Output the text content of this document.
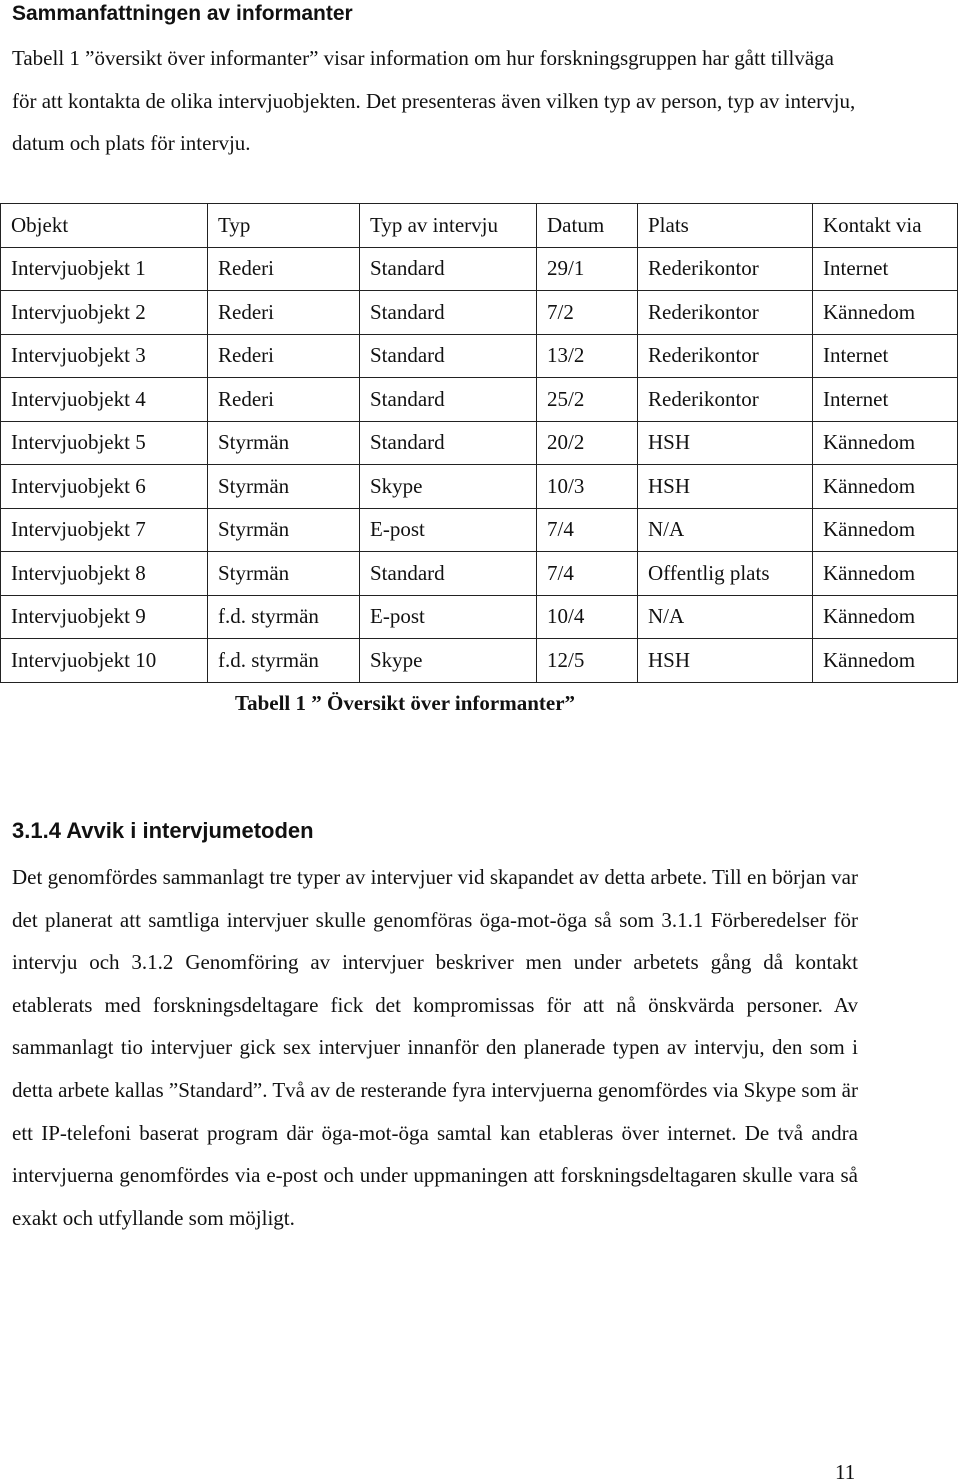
Sammanfattningen av informanter

Tabell 1 ”översikt över informanter” visar information om hur forskningsgruppen har gått tillväga för att kontakta de olika intervjuobjekten. Det presenteras även vilken typ av person, typ av intervju, datum och plats för intervju.

Objekt	Typ	Typ av intervju	Datum	Plats	Kontakt via
Intervjuobjekt 1	Rederi	Standard	29/1	Rederikontor	Internet
Intervjuobjekt 2	Rederi	Standard	7/2	Rederikontor	Kännedom
Intervjuobjekt 3	Rederi	Standard	13/2	Rederikontor	Internet
Intervjuobjekt 4	Rederi	Standard	25/2	Rederikontor	Internet
Intervjuobjekt 5	Styrmän	Standard	20/2	HSH	Kännedom
Intervjuobjekt 6	Styrmän	Skype	10/3	HSH	Kännedom
Intervjuobjekt 7	Styrmän	E-post	7/4	N/A	Kännedom
Intervjuobjekt 8	Styrmän	Standard	7/4	Offentlig plats	Kännedom
Intervjuobjekt 9	f.d. styrmän	E-post	10/4	N/A	Kännedom
Intervjuobjekt 10	f.d. styrmän	Skype	12/5	HSH	Kännedom

Tabell 1 ” Översikt över informanter”

3.1.4 Avvik i intervjumetoden

Det genomfördes sammanlagt tre typer av intervjuer vid skapandet av detta arbete. Till en början var det planerat att samtliga intervjuer skulle genomföras öga-mot-öga så som 3.1.1 Förberedelser för intervju och 3.1.2 Genomföring av intervjuer beskriver men under arbetets gång då kontakt etablerats med forskningsdeltagare fick det kompromissas för att nå önskvärda personer. Av sammanlagt tio intervjuer gick sex intervjuer innanför den planerade typen av intervju, den som i detta arbete kallas ”Standard”. Två av de resterande fyra intervjuerna genomfördes via Skype som är ett IP-telefoni baserat program där öga-mot-öga samtal kan etableras över internet. De två andra intervjuerna genomfördes via e-post och under uppmaningen att forskningsdeltagaren skulle vara så exakt och utfyllande som möjligt.

11
